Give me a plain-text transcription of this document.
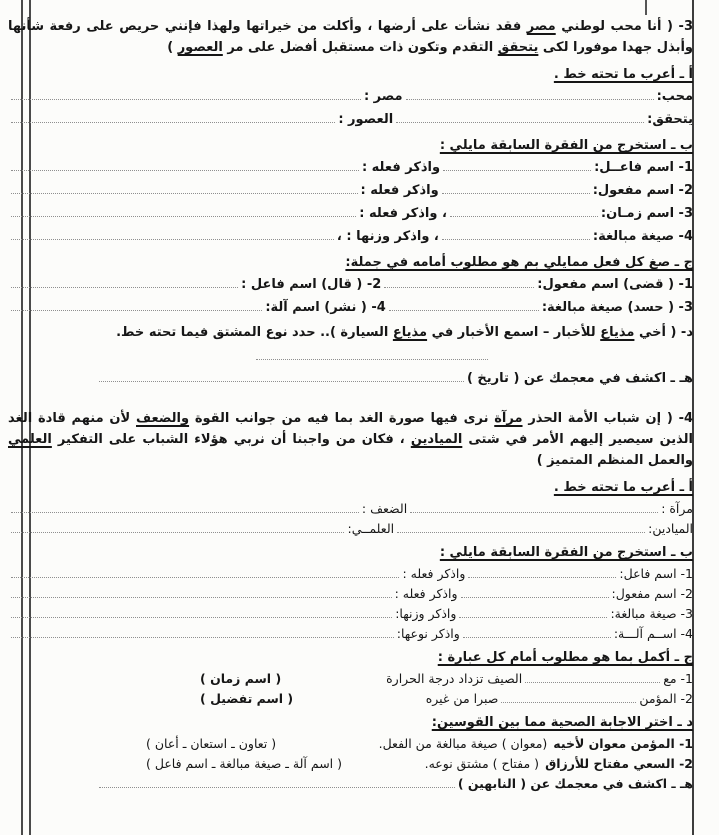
3- ( أنا محب لوطني مصر فقد نشأت على أرضها ، وأكلت من خيراتها ولهذا فإنني حريص على رفعة شأنها وأبذل جهدا موفورا لكى يتحقق التقدم وتكون ذات مستقبل أفضل على مر العصور )

أ ـ أعرب ما تحته خط .
محب:
مصر :
يتحقق:
العصور :
ب ـ استخرج من الفقرة السابقة مايلي :
1- اسم فاعــل:
واذكر فعله :
2- اسم مفعول:
واذكر فعله :
3- اسم زمـان:
، واذكر فعله :
4- صيغة مبالغة:
، واذكر وزنها : ،
ج ـ صغ كل فعل ممايلي بم هو مطلوب أمامه في جملة:
1- ( قضى) اسم مفعول:
2- ( قال) اسم فاعل :
3- ( حسد) صيغة مبالغة:
4- ( نشر) اسم آلة:

د- ( أخي مذياع للأخبار – اسمع الأخبار في مذياع السيارة ).. حدد نوع المشتق فيما تحته خط.

هـ ـ اكشف في معجمك عن ( تاريخ )

4- ( إن شباب الأمة الحذر مرآة نرى فيها صورة الغد بما فيه من جوانب القوة والضعف لأن منهم قادة الغد الذين سيصير إليهم الأمر في شتى الميادين ، فكان من واجبنا أن نربي هؤلاء الشباب على التفكير العلمي والعمل المنظم المتميز )

أ ـ أعرب ما تحته خط .
مرآة :
الضعف :
الميادين:
العلمــي:
ب ـ استخرج من الفقرة السابقة مايلي :
1- اسم فاعل:
واذكر فعله :
2- اسم مفعول:
واذكر فعله :
3- صيغة مبالغة:
واذكر وزنها:
4- اســم آلـــة:
واذكر نوعها:
ج ـ أكمل بما هو مطلوب أمام كل عبارة :
1- مع
الصيف تزداد درجة الحرارة
( اسم زمان )
2- المؤمن
صبرا من غيره
( اسم تفضيل )
د ـ اختر الاجابة الصحية مما بين القوسين:
1- المؤمن معوان لأخيه
(معوان ) صيغة مبالغة من الفعل.
( تعاون ـ استعان ـ أعان )
2- السعي مفتاح للأرزاق
( مفتاح ) مشتق نوعه.
( اسم آلة ـ صيغة مبالغة ـ اسم فاعل )
هـ ـ اكشف في معجمك عن ( النابهين )
